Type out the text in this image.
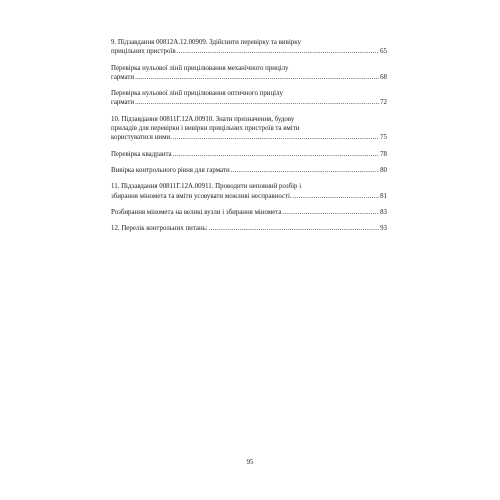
9. Підзавдання 00812А.12.00909. Здійснити перевірку та вивірку
прицільних пристроїв .....	65
Перевірка нульової лінії прицілювання механічного прицілу
гармати .....	68
Перевірка нульової лінії прицілювання оптичного прицілу
гармати .....	72
10. Підзавдання 00811Г.12А.00910. Знати призначення, будову
приладів для перевірки і вивірки прицільних пристроїв та вміти
користуватися ними. .....	75
Перевірка квадранта .....	78
Вивірка контрольного рівня для гармати .....	80
11. Підзавдання 00811Г.12А.00911. Проводити неповний розбір і
збирання міномета та вміти усовувати можливі несправності. .....	81
Розбирання міномета на великі вузли і збирання міномета .....	83
12. Перелік контрольних питань: .....	93
95
